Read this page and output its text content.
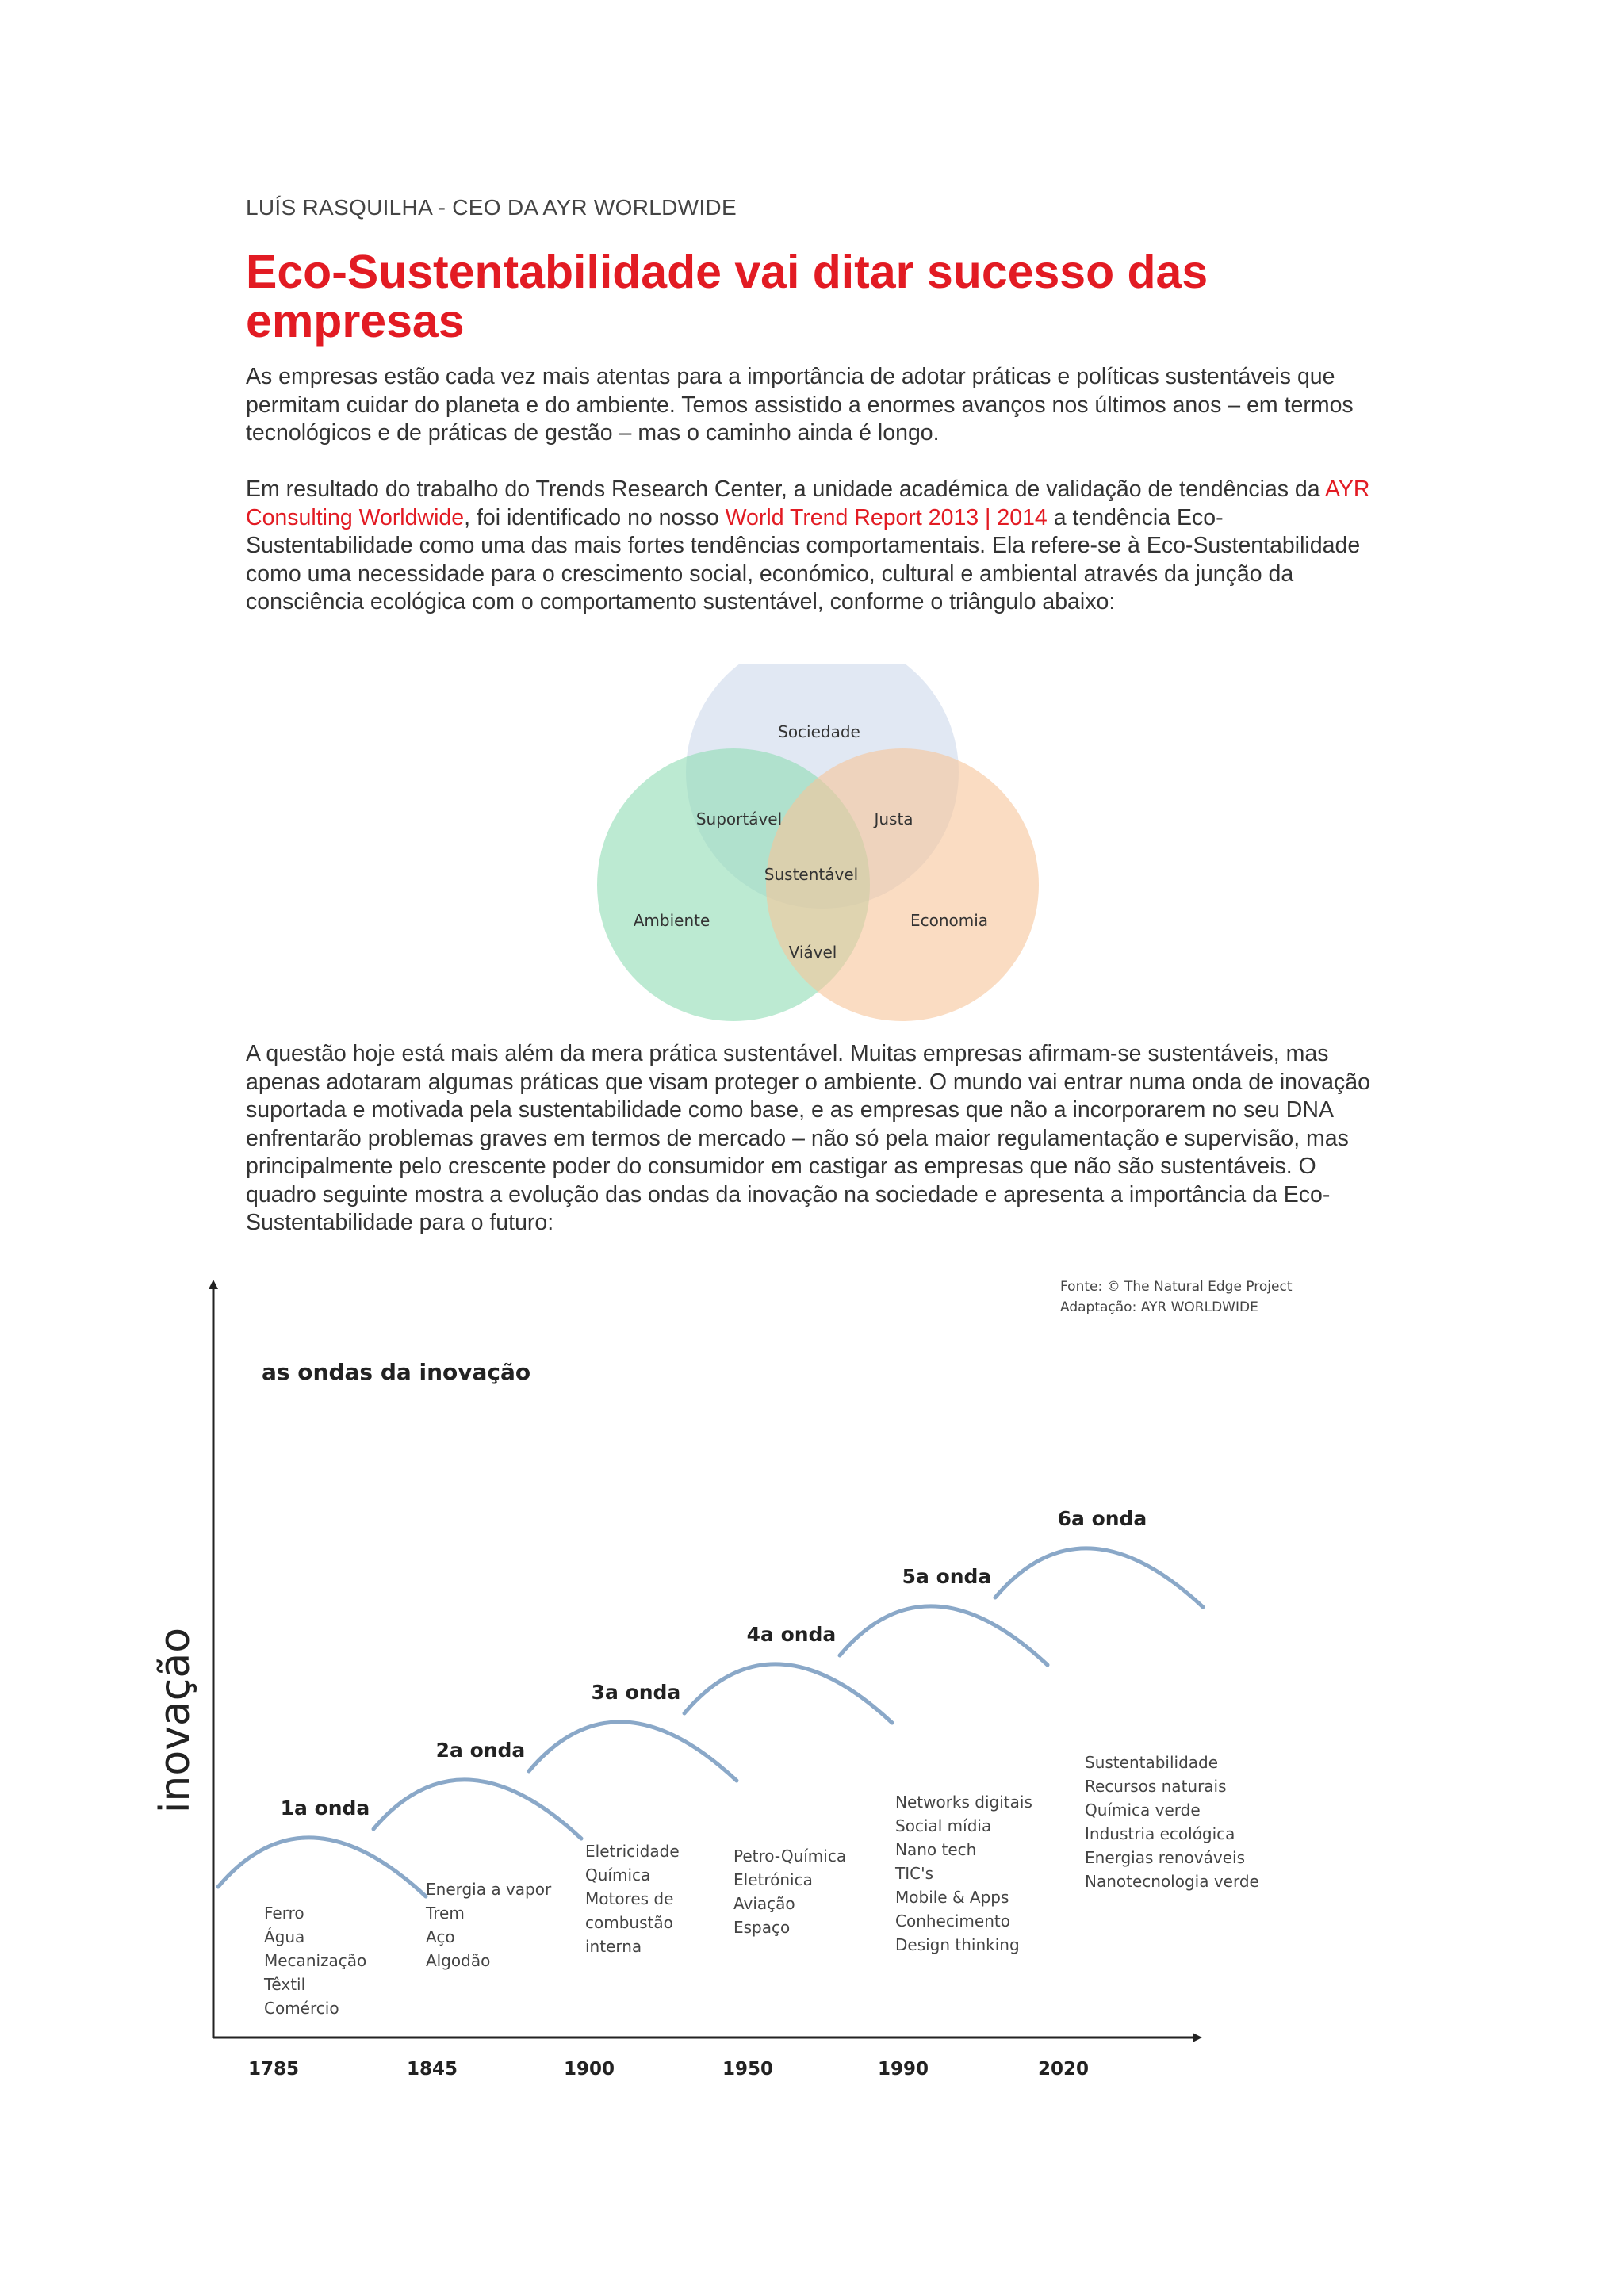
LUÍS RASQUILHA - CEO DA AYR WORLDWIDE
Eco-Sustentabilidade vai ditar sucesso das empresas

As empresas estão cada vez mais atentas para a importância de adotar práticas e políticas sustentáveis que permitam cuidar do planeta e do ambiente. Temos assistido a enormes avanços nos últimos anos – em termos tecnológicos e de práticas de gestão – mas o caminho ainda é longo.

Em resultado do trabalho do Trends Research Center, a unidade académica de validação de tendências da AYR Consulting Worldwide, foi identificado no nosso World Trend Report 2013 | 2014 a tendência Eco-Sustentabilidade como uma das mais fortes tendências comportamentais. Ela refere-se à Eco-Sustentabilidade como uma necessidade para o crescimento social, económico, cultural e ambiental através da junção da consciência ecológica com o comportamento sustentável, conforme o triângulo abaixo:

Sociedade
Suportável	Justa
Sustentável
Ambiente	Economia
Viável

A questão hoje está mais além da mera prática sustentável. Muitas empresas afirmam-se sustentáveis, mas apenas adotaram algumas práticas que visam proteger o ambiente. O mundo vai entrar numa onda de inovação suportada e motivada pela sustentabilidade como base, e as empresas que não a incorporarem no seu DNA enfrentarão problemas graves em termos de mercado – não só pela maior regulamentação e supervisão, mas principalmente pelo crescente poder do consumidor em castigar as empresas que não são sustentáveis. O quadro seguinte mostra a evolução das ondas da inovação na sociedade e apresenta a importância da Eco-Sustentabilidade para o futuro:

Fonte: © The Natural Edge Project
Adaptação: AYR WORLDWIDE
as ondas da inovação
inovação	1a onda
Ferro
Água
Mecanização
Têxtil
Comércio
2a onda
Energia a vapor
Trem
Aço
Algodão
3a onda
Eletricidade
Química
Motores de
combustão
interna
4a onda
Petro-Química
Eletrónica
Aviação
Espaço
5a onda
Networks digitais
Social mídia
Nano tech
TIC's
Mobile & Apps
Conhecimento
Design thinking
6a onda
Sustentabilidade
Recursos naturais
Química verde
Industria ecológica
Energias renováveis
Nanotecnologia verde
1785	1845	1900	1950	1990	2020
